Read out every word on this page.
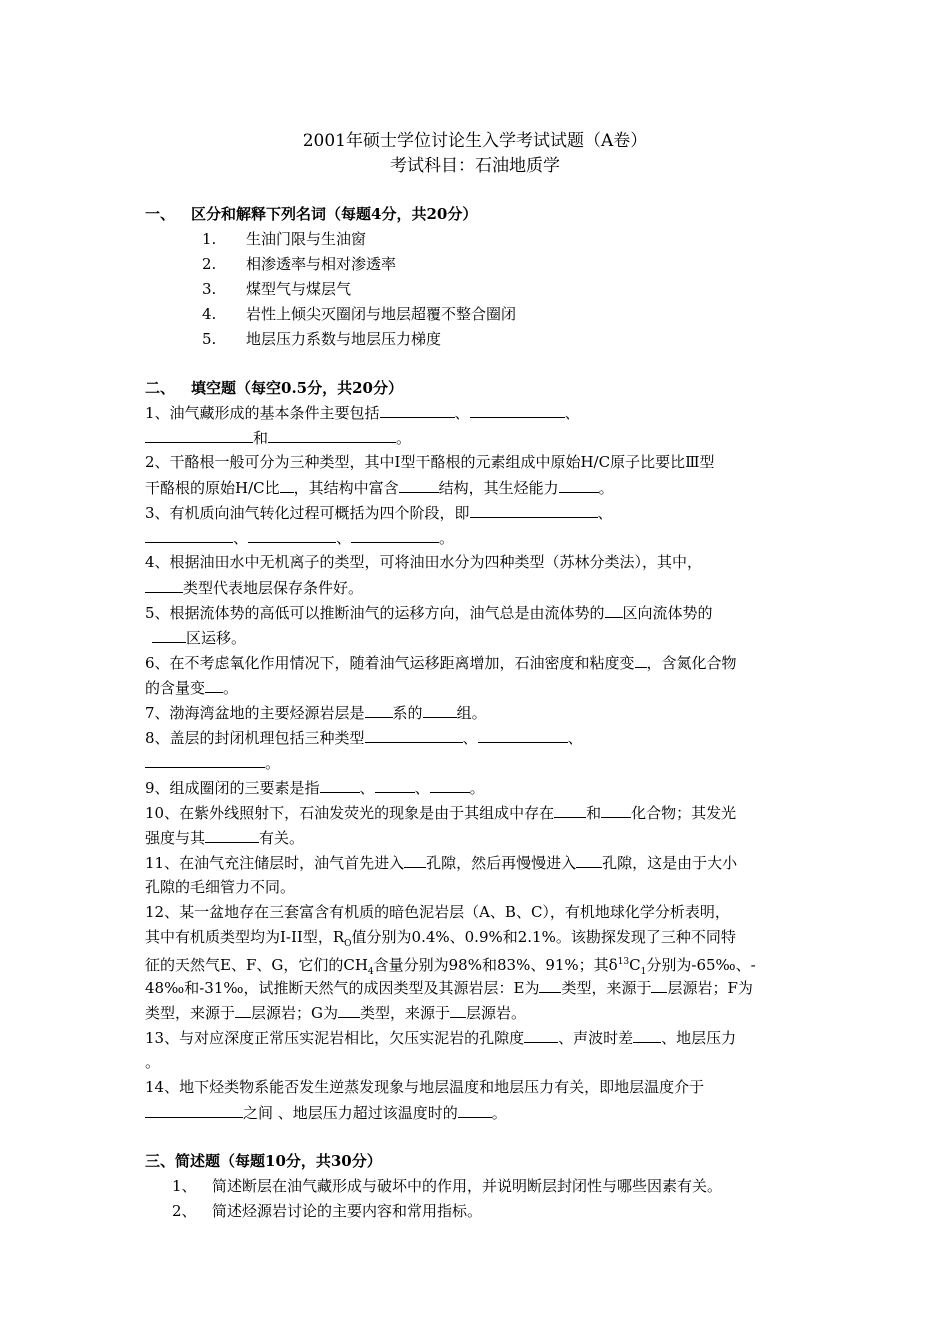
2001年硕士学位讨论生入学考试试题（A卷）
考试科目：石油地质学
一、 区分和解释下列名词（每题4分，共20分）
1. 生油门限与生油窗
2. 相渗透率与相对渗透率
3. 煤型气与煤层气
4. 岩性上倾尖灭圈闭与地层超覆不整合圈闭
5. 地层压力系数与地层压力梯度
二、 填空题（每空0.5分，共20分）
1、油气藏形成的基本条件主要包括	、	、
和	。
2、干酪根一般可分为三种类型，其中Ⅰ型干酪根的元素组成中原始H/C原子比要比Ⅲ型
干酪根的原始H/C比 ，其结构中富含	结构，其生烃能力	。
3、有机质向油气转化过程可概括为四个阶段，即	、
、	、	。
4、根据油田水中无机离子的类型，可将油田水分为四种类型（苏林分类法），其中，
类型代表地层保存条件好。
5、根据流体势的高低可以推断油气的运移方向，油气总是由流体势的 区向流体势的
区运移。
6、在不考虑氧化作用情况下，随着油气运移距离增加，石油密度和粘度变 ，含氮化合物
的含量变 。
7、渤海湾盆地的主要烃源岩层是 系的 组。
8、盖层的封闭机理包括三种类型	、	、
。
9、组成圈闭的三要素是指	、	、	。
10、在紫外线照射下，石油发荧光的现象是由于其组成中存在 和 化合物；其发光
强度与其	有关。
11、在油气充注储层时，油气首先进入 孔隙，然后再慢慢进入 孔隙，这是由于大小
孔隙的毛细管力不同。
12、某一盆地存在三套富含有机质的暗色泥岩层（A、B、C），有机地球化学分析表明，
其中有机质类型均为I-II型，$R_O$值分别为0.4%、0.9%和2.1%。该勘探发现了三种不同特
征的天然气E、F、G，它们的$CH_4$含量分别为98%和83%、91%；其$\delta^{13}C_1$分别为-65‰、-
48‰和-31‰，试推断天然气的成因类型及其源岩层：E为 类型，来源于 层源岩；F为
类型，来源于 层源岩；G为 类型，来源于 层源岩。
13、与对应深度正常压实泥岩相比，欠压实泥岩的孔隙度 、声波时差 、地层压力
。
14、地下烃类物系能否发生逆蒸发现象与地层温度和地层压力有关，即地层温度介于
之间 、地层压力超过该温度时的 。
三、简述题（每题10分，共30分）
1、 简述断层在油气藏形成与破坏中的作用，并说明断层封闭性与哪些因素有关。
2、 简述烃源岩讨论的主要内容和常用指标。
